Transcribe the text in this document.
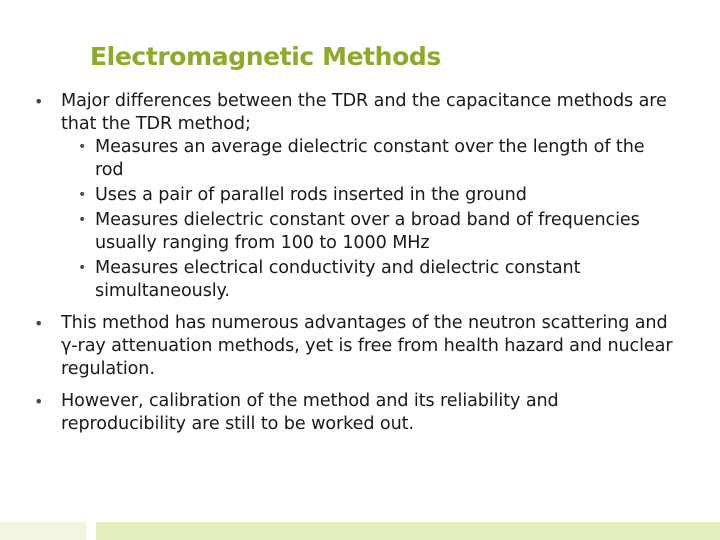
Electromagnetic Methods
• Major differences between the TDR and the capacitance methods are that the TDR method;
• Measures an average dielectric constant over the length of the rod
• Uses a pair of parallel rods inserted in the ground
• Measures dielectric constant over a broad band of frequencies usually ranging from 100 to 1000 MHz
• Measures electrical conductivity and dielectric constant simultaneously.
• This method has numerous advantages of the neutron scattering and γ-ray attenuation methods, yet is free from health hazard and nuclear regulation.
• However, calibration of the method and its reliability and reproducibility are still to be worked out.
